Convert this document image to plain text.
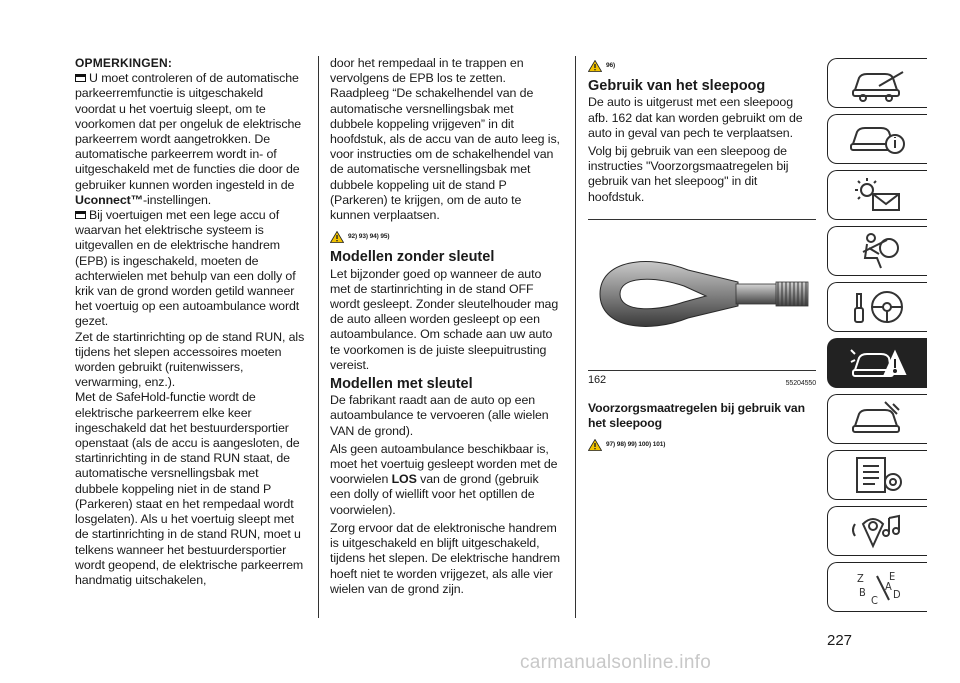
OPMERKINGEN:

U moet controleren of de automatische parkeerremfunctie is uitgeschakeld voordat u het voertuig sleept, om te voorkomen dat per ongeluk de elektrische parkeerrem wordt aangetrokken. De automatische parkeerrem wordt in- of uitgeschakeld met de functies die door de gebruiker kunnen worden ingesteld in de Uconnect™-instellingen.

Bij voertuigen met een lege accu of waarvan het elektrische systeem is uitgevallen en de elektrische handrem (EPB) is ingeschakeld, moeten de achterwielen met behulp van een dolly of krik van de grond worden getild wanneer het voertuig op een autoambulance wordt gezet.

Zet de startinrichting op de stand RUN, als tijdens het slepen accessoires moeten worden gebruikt (ruitenwissers, verwarming, enz.).

Met de SafeHold-functie wordt de elektrische parkeerrem elke keer ingeschakeld dat het bestuurdersportier openstaat (als de accu is aangesloten, de startinrichting in de stand RUN staat, de automatische versnellingsbak met dubbele koppeling niet in de stand P (Parkeren) staat en het rempedaal wordt losgelaten). Als u het voertuig sleept met de startinrichting in de stand RUN, moet u telkens wanneer het bestuurdersportier wordt geopend, de elektrische parkeerrem handmatig uitschakelen,

door het rempedaal in te trappen en vervolgens de EPB los te zetten. Raadpleeg “De schakelhendel van de automatische versnellingsbak met dubbele koppeling vrijgeven” in dit hoofdstuk, als de accu van de auto leeg is, voor instructies om de schakelhendel van de automatische versnellingsbak met dubbele koppeling uit de stand P (Parkeren) te krijgen, om de auto te kunnen verplaatsen.

92) 93) 94) 95)

Modellen zonder sleutel

Let bijzonder goed op wanneer de auto met de startinrichting in de stand OFF wordt gesleept. Zonder sleutelhouder mag de auto alleen worden gesleept op een autoambulance. Om schade aan uw auto te voorkomen is de juiste sleepuitrusting vereist.

Modellen met sleutel

De fabrikant raadt aan de auto op een autoambulance te vervoeren (alle wielen VAN de grond).

Als geen autoambulance beschikbaar is, moet het voertuig gesleept worden met de voorwielen LOS van de grond (gebruik een dolly of wiellift voor het optillen de voorwielen).

Zorg ervoor dat de elektronische handrem is uitgeschakeld en blijft uitgeschakeld, tijdens het slepen. De elektrische handrem hoeft niet te worden vrijgezet, als alle vier wielen van de grond zijn.

96)

Gebruik van het sleepoog

De auto is uitgerust met een sleepoog afb. 162 dat kan worden gebruikt om de auto in geval van pech te verplaatsen.

Volg bij gebruik van een sleepoog de instructies "Voorzorgsmaatregelen bij gebruik van het sleepoog" in dit hoofdstuk.

162	55204550

Voorzorgsmaatregelen bij gebruik van het sleepoog

97) 98) 99) 100) 101)
Z E
B
C D
A
227
carmanualsonline.info
